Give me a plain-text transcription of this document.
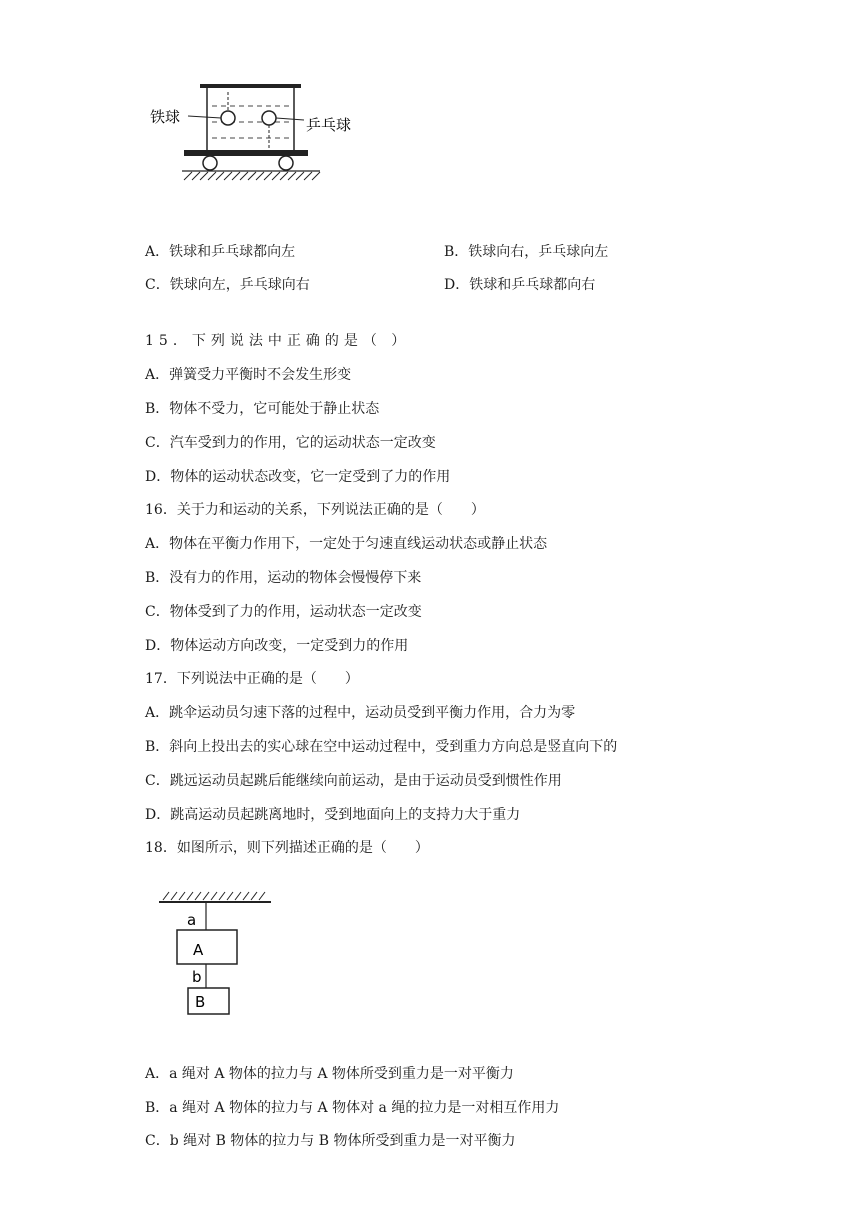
铁球	乒乓球
A．铁球和乒乓球都向左	B．铁球向右，乒乓球向左
C．铁球向左，乒乓球向右	D．铁球和乒乓球都向右
15．下列说法中正确的是（ ）
A．弹簧受力平衡时不会发生形变
B．物体不受力，它可能处于静止状态
C．汽车受到力的作用，它的运动状态一定改变
D．物体的运动状态改变，它一定受到了力的作用
16．关于力和运动的关系，下列说法正确的是（　　）
A．物体在平衡力作用下，一定处于匀速直线运动状态或静止状态
B．没有力的作用，运动的物体会慢慢停下来
C．物体受到了力的作用，运动状态一定改变
D．物体运动方向改变，一定受到力的作用
17．下列说法中正确的是（　　）
A．跳伞运动员匀速下落的过程中，运动员受到平衡力作用，合力为零
B．斜向上投出去的实心球在空中运动过程中，受到重力方向总是竖直向下的
C．跳远运动员起跳后能继续向前运动，是由于运动员受到惯性作用
D．跳高运动员起跳离地时，受到地面向上的支持力大于重力
18．如图所示，则下列描述正确的是（　　）
a
A
b
B
A．a 绳对 A 物体的拉力与 A 物体所受到重力是一对平衡力
B．a 绳对 A 物体的拉力与 A 物体对 a 绳的拉力是一对相互作用力
C．b 绳对 B 物体的拉力与 B 物体所受到重力是一对平衡力
